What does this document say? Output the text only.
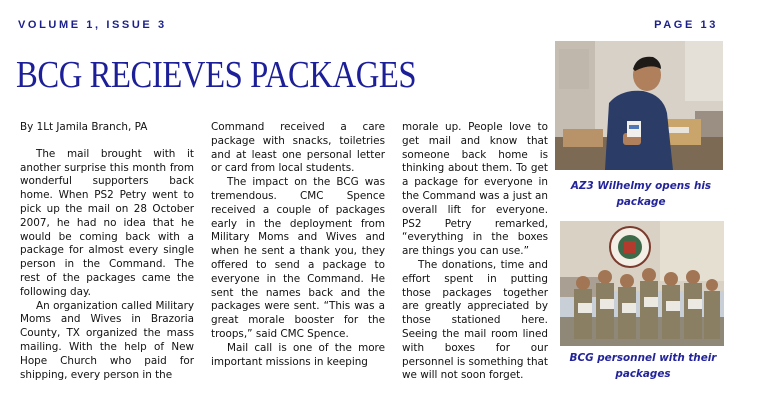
VOLUME 1, ISSUE 3	PAGE 13
BCG RECIEVES PACKAGES

By 1Lt Jamila Branch, PA

The mail brought with it another surprise this month from wonderful supporters back home. When PS2 Petry went to pick up the mail on 28 October 2007, he had no idea that he would be coming back with a package for almost every single person in the Command. The rest of the packages came the following day.

An organization called Military Moms and Wives in Brazoria County, TX organized the mass mailing. With the help of New Hope Church who paid for shipping, every person in the

Command received a care package with snacks, toiletries and at least one personal letter or card from local students.

The impact on the BCG was tremendous. CMC Spence received a couple of packages early in the deployment from Military Moms and Wives and when he sent a thank you, they offered to send a package to everyone in the Command. He sent the names back and the packages were sent. “This was a great morale booster for the troops,” said CMC Spence.

Mail call is one of the more important missions in keeping

morale up. People love to get mail and know that someone back home is thinking about them. To get a package for everyone in the Command was a just an overall lift for everyone. PS2 Petry remarked, “everything in the boxes are things you can use.”

The donations, time and effort spent in putting those packages together are greatly appreciated by those stationed here. Seeing the mail room lined with boxes for our personnel is something that we will not soon forget.

AZ3 Wilhelmy opens his package
BCG personnel with their packages
